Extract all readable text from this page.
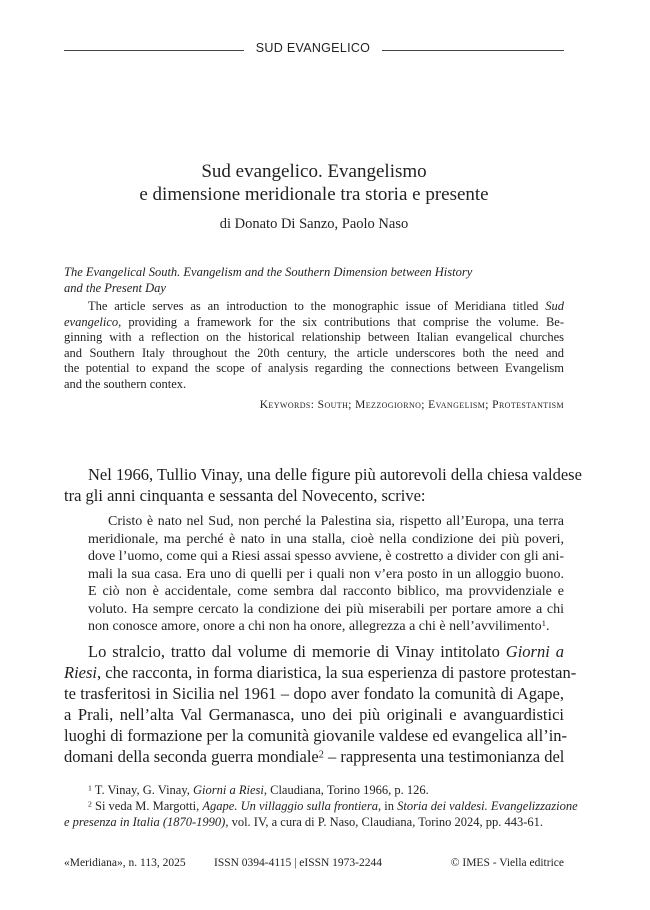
SUD EVANGELICO
Sud evangelico. Evangelismo
e dimensione meridionale tra storia e presente
di Donato Di Sanzo, Paolo Naso
The Evangelical South. Evangelism and the Southern Dimension between History
and the Present Day
The article serves as an introduction to the monographic issue of Meridiana titled Sud
evangelico, providing a framework for the six contributions that comprise the volume. Be-
ginning with a reflection on the historical relationship between Italian evangelical churches
and Southern Italy throughout the 20th century, the article underscores both the need and
the potential to expand the scope of analysis regarding the connections between Evangelism
and the southern contex.
Keywords: South; Mezzogiorno; Evangelism; Protestantism
Nel 1966, Tullio Vinay, una delle figure più autorevoli della chiesa valdese
tra gli anni cinquanta e sessanta del Novecento, scrive:
Cristo è nato nel Sud, non perché la Palestina sia, rispetto all’Europa, una terra
meridionale, ma perché è nato in una stalla, cioè nella condizione dei più poveri,
dove l’uomo, come qui a Riesi assai spesso avviene, è costretto a divider con gli ani-
mali la sua casa. Era uno di quelli per i quali non v’era posto in un alloggio buono.
E ciò non è accidentale, come sembra dal racconto biblico, ma provvidenziale e
voluto. Ha sempre cercato la condizione dei più miserabili per portare amore a chi
non conosce amore, onore a chi non ha onore, allegrezza a chi è nell’avvilimento$^1$.
Lo stralcio, tratto dal volume di memorie di Vinay intitolato Giorni a
Riesi, che racconta, in forma diaristica, la sua esperienza di pastore protestan-
te trasferitosi in Sicilia nel 1961 – dopo aver fondato la comunità di Agape,
a Prali, nell’alta Val Germanasca, uno dei più originali e avanguardistici
luoghi di formazione per la comunità giovanile valdese ed evangelica all’in-
domani della seconda guerra mondiale$^2$ – rappresenta una testimonianza del
$^1$ T. Vinay, G. Vinay, Giorni a Riesi, Claudiana, Torino 1966, p. 126.
$^2$ Si veda M. Margotti, Agape. Un villaggio sulla frontiera, in Storia dei valdesi. Evangelizzazione
e presenza in Italia (1870-1990), vol. IV, a cura di P. Naso, Claudiana, Torino 2024, pp. 443-61.
«Meridiana», n. 113, 2025 ISSN 0394-4115 | eISSN 1973-2244	© IMES - Viella editrice
